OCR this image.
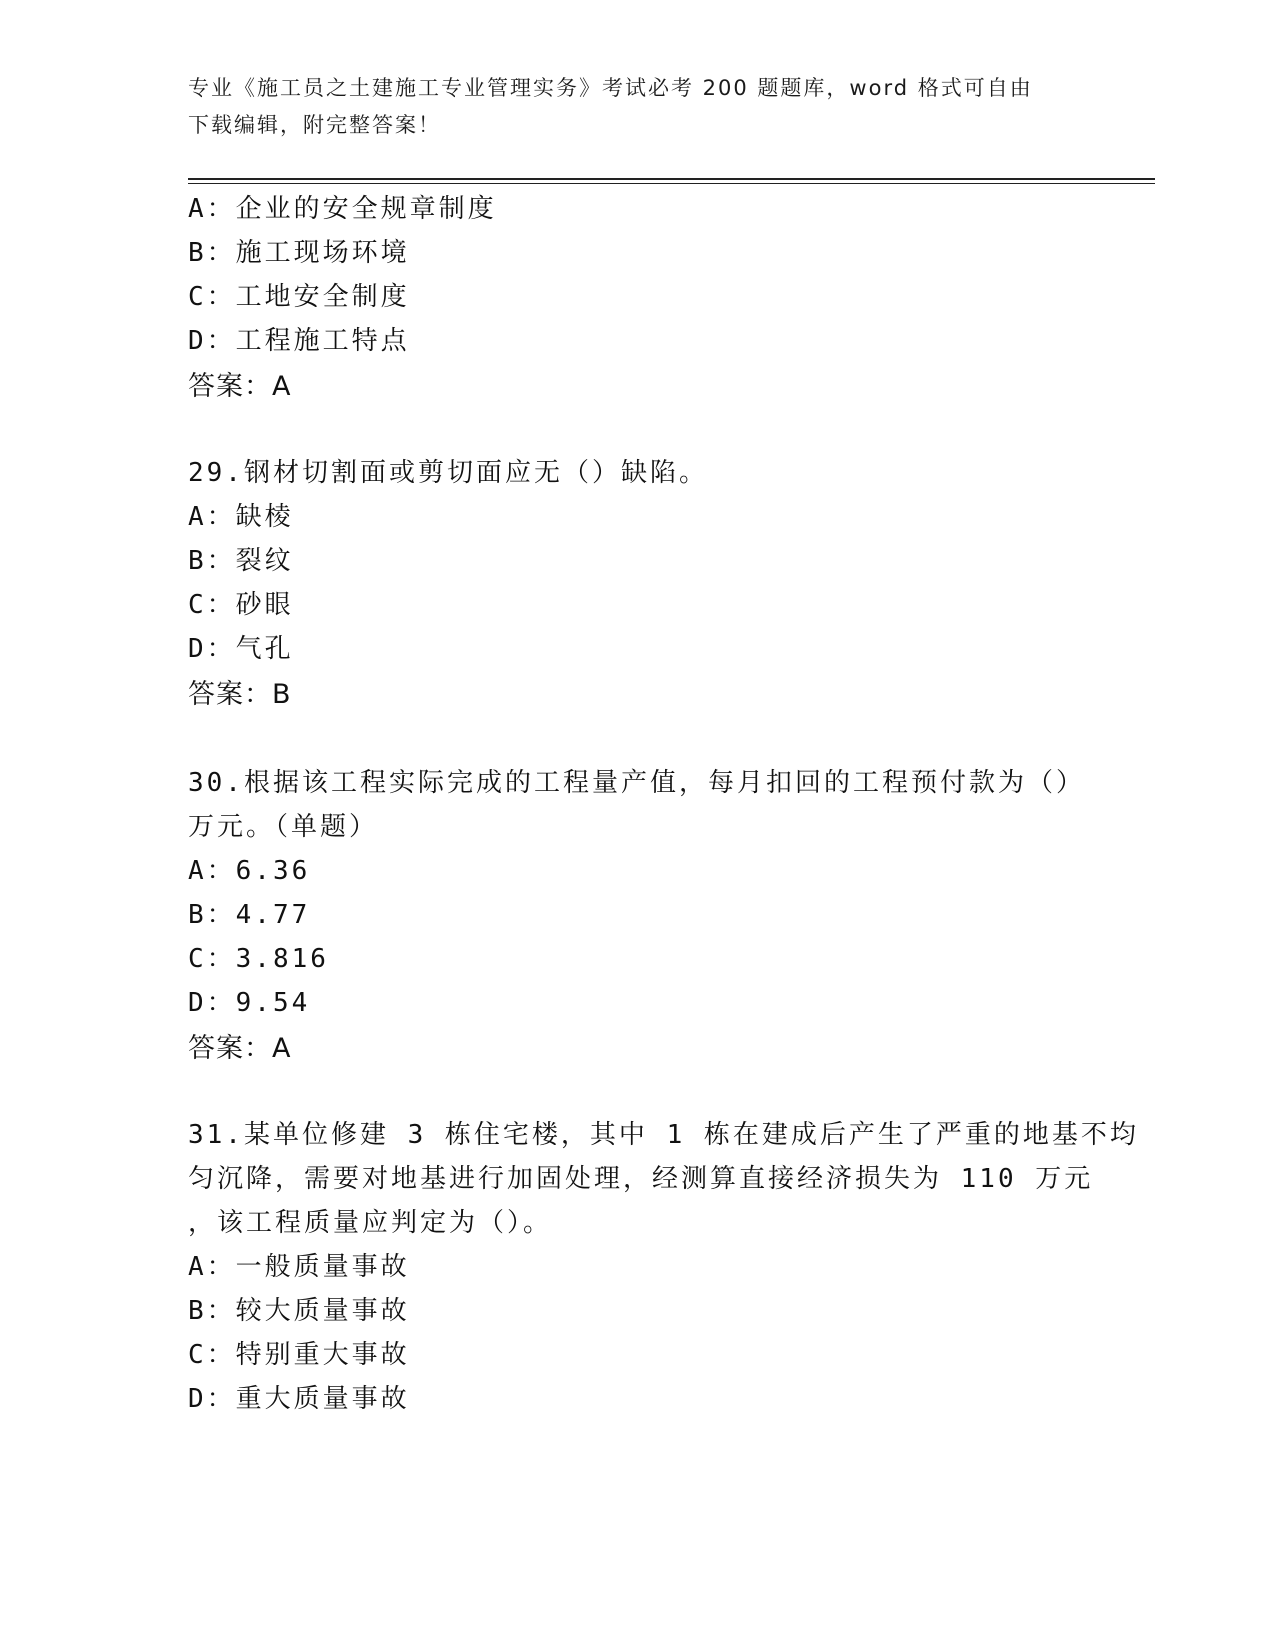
专业《施工员之土建施工专业管理实务》考试必考 200 题题库，word 格式可自由
下载编辑，附完整答案！
A：企业的安全规章制度
B：施工现场环境
C：工地安全制度
D：工程施工特点
答案：A
29.钢材切割面或剪切面应无（）缺陷。
A：缺棱
B：裂纹
C：砂眼
D：气孔
答案：B
30.根据该工程实际完成的工程量产值，每月扣回的工程预付款为（）
万元。（单题）
A：6.36
B：4.77
C：3.816
D：9.54
答案：A
31.某单位修建 3 栋住宅楼，其中 1 栋在建成后产生了严重的地基不均
匀沉降，需要对地基进行加固处理，经测算直接经济损失为 110 万元
，该工程质量应判定为（）。
A：一般质量事故
B：较大质量事故
C：特别重大事故
D：重大质量事故
